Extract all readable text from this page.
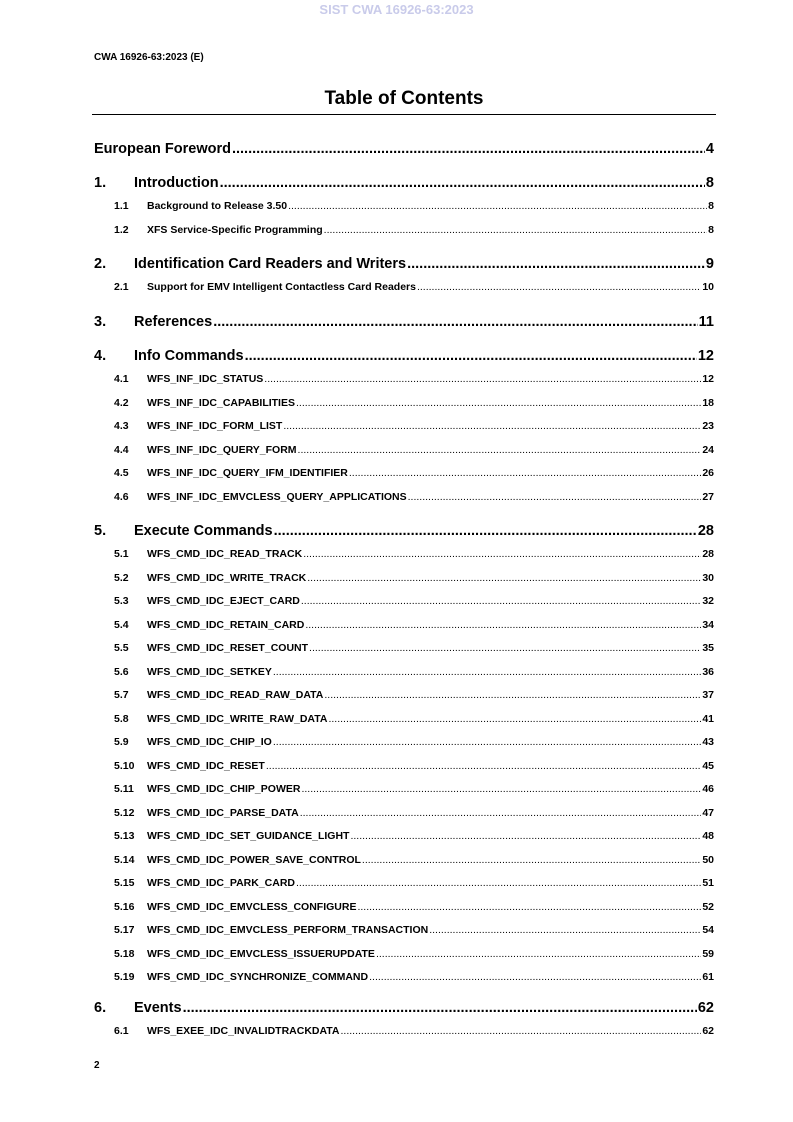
SIST CWA 16926-63:2023
CWA 16926-63:2023 (E)
Table of Contents
European Foreword .....	4
1.	Introduction .....	8
1.1	Background to Release 3.50 .....	8
1.2	XFS Service-Specific Programming .....	8
2.	Identification Card Readers and Writers .....	9
2.1	Support for EMV Intelligent Contactless Card Readers .....	10
3.	References .....	11
4.	Info Commands .....	12
4.1	WFS_INF_IDC_STATUS .....	12
4.2	WFS_INF_IDC_CAPABILITIES .....	18
4.3	WFS_INF_IDC_FORM_LIST .....	23
4.4	WFS_INF_IDC_QUERY_FORM .....	24
4.5	WFS_INF_IDC_QUERY_IFM_IDENTIFIER .....	26
4.6	WFS_INF_IDC_EMVCLESS_QUERY_APPLICATIONS .....	27
5.	Execute Commands .....	28
5.1	WFS_CMD_IDC_READ_TRACK .....	28
5.2	WFS_CMD_IDC_WRITE_TRACK .....	30
5.3	WFS_CMD_IDC_EJECT_CARD .....	32
5.4	WFS_CMD_IDC_RETAIN_CARD .....	34
5.5	WFS_CMD_IDC_RESET_COUNT .....	35
5.6	WFS_CMD_IDC_SETKEY .....	36
5.7	WFS_CMD_IDC_READ_RAW_DATA .....	37
5.8	WFS_CMD_IDC_WRITE_RAW_DATA .....	41
5.9	WFS_CMD_IDC_CHIP_IO .....	43
5.10	WFS_CMD_IDC_RESET .....	45
5.11	WFS_CMD_IDC_CHIP_POWER .....	46
5.12	WFS_CMD_IDC_PARSE_DATA .....	47
5.13	WFS_CMD_IDC_SET_GUIDANCE_LIGHT .....	48
5.14	WFS_CMD_IDC_POWER_SAVE_CONTROL .....	50
5.15	WFS_CMD_IDC_PARK_CARD .....	51
5.16	WFS_CMD_IDC_EMVCLESS_CONFIGURE .....	52
5.17	WFS_CMD_IDC_EMVCLESS_PERFORM_TRANSACTION .....	54
5.18	WFS_CMD_IDC_EMVCLESS_ISSUERUPDATE .....	59
5.19	WFS_CMD_IDC_SYNCHRONIZE_COMMAND .....	61
6.	Events .....	62
6.1	WFS_EXEE_IDC_INVALIDTRACKDATA .....	62
2
